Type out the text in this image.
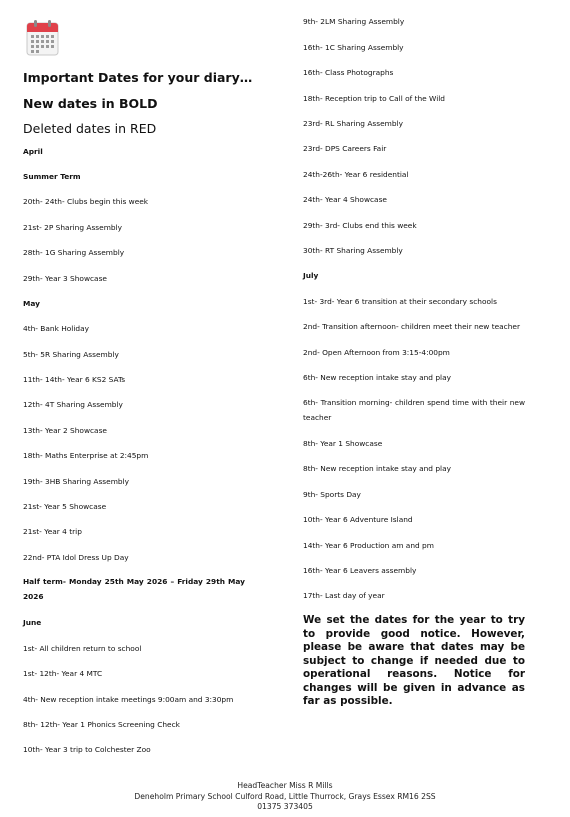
Important Dates for your diary…
New dates in BOLD
Deleted dates in RED
April
Summer Term
20th- 24th- Clubs begin this week
21st- 2P Sharing Assembly
28th- 1G Sharing Assembly
29th- Year 3 Showcase
May
4th- Bank Holiday
5th- 5R Sharing Assembly
11th- 14th- Year 6 KS2 SATs
12th- 4T Sharing Assembly
13th- Year 2 Showcase
18th- Maths Enterprise at 2:45pm
19th- 3HB Sharing Assembly
21st- Year 5 Showcase
21st- Year 4 trip
22nd- PTA Idol Dress Up Day
Half term- Monday 25th May 2026 – Friday 29th May 2026
June
1st- All children return to school
1st- 12th- Year 4 MTC
4th- New reception intake meetings 9:00am and 3:30pm
8th- 12th- Year 1 Phonics Screening Check
10th- Year 3 trip to Colchester Zoo
9th- 2LM Sharing Assembly
16th- 1C Sharing Assembly
16th- Class Photographs
18th- Reception trip to Call of the Wild
23rd- RL Sharing Assembly
23rd- DPS Careers Fair
24th-26th- Year 6 residential
24th- Year 4 Showcase
29th- 3rd- Clubs end this week
30th- RT Sharing Assembly
July
1st- 3rd- Year 6 transition at their secondary schools
2nd- Transition afternoon- children meet their new teacher
2nd- Open Afternoon from 3:15-4:00pm
6th- New reception intake stay and play
6th- Transition morning- children spend time with their new teacher
8th- Year 1 Showcase
8th- New reception intake stay and play
9th- Sports Day
10th- Year 6 Adventure Island
14th- Year 6 Production am and pm
16th- Year 6 Leavers assembly
17th- Last day of year
We set the dates for the year to try to provide good notice. However, please be aware that dates may be subject to change if needed due to operational reasons. Notice for changes will be given in advance as far as possible.
HeadTeacher Miss R Mills
Deneholm Primary School Culford Road, Little Thurrock, Grays Essex RM16 2SS
01375 373405
